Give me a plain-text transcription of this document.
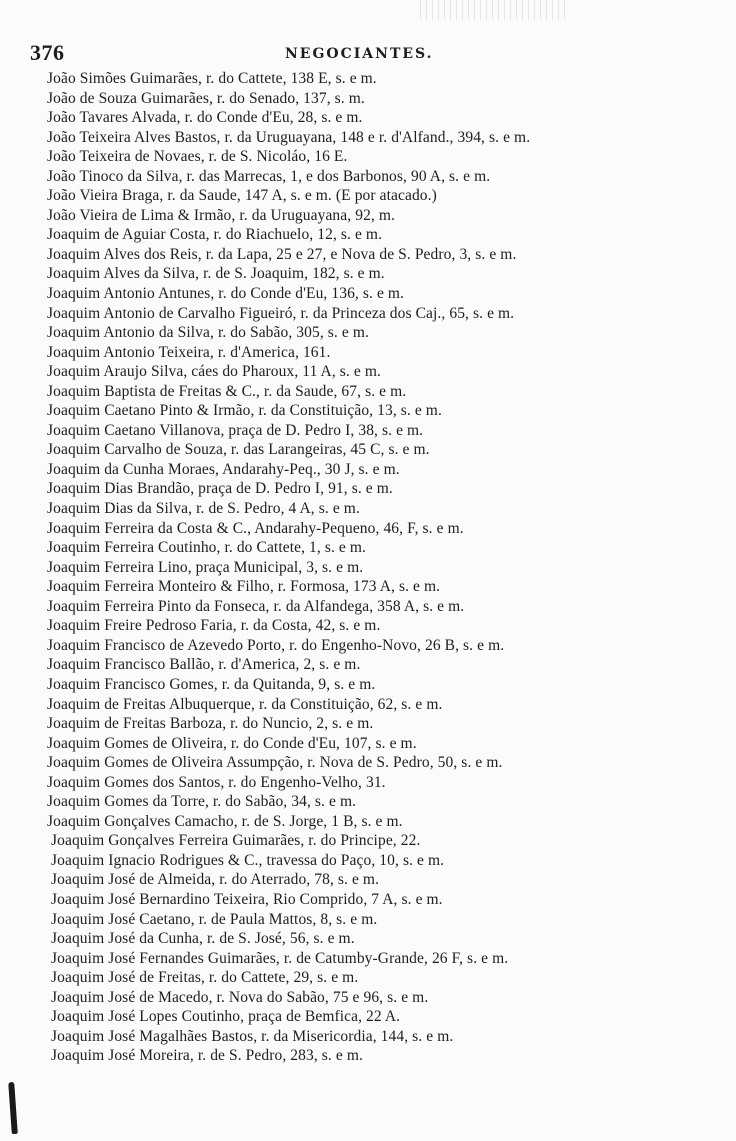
376	NEGOCIANTES.
João Simões Guimarães, r. do Cattete, 138 E, s. e m.
João de Souza Guimarães, r. do Senado, 137, s. m.
João Tavares Alvada, r. do Conde d'Eu, 28, s. e m.
João Teixeira Alves Bastos, r. da Uruguayana, 148 e r. d'Alfand., 394, s. e m.
João Teixeira de Novaes, r. de S. Nicoláo, 16 E.
João Tinoco da Silva, r. das Marrecas, 1, e dos Barbonos, 90 A, s. e m.
João Vieira Braga, r. da Saude, 147 A, s. e m. (E por atacado.)
João Vieira de Lima & Irmão, r. da Uruguayana, 92, m.
Joaquim de Aguiar Costa, r. do Riachuelo, 12, s. e m.
Joaquim Alves dos Reis, r. da Lapa, 25 e 27, e Nova de S. Pedro, 3, s. e m.
Joaquim Alves da Silva, r. de S. Joaquim, 182, s. e m.
Joaquim Antonio Antunes, r. do Conde d'Eu, 136, s. e m.
Joaquim Antonio de Carvalho Figueiró, r. da Princeza dos Caj., 65, s. e m.
Joaquim Antonio da Silva, r. do Sabão, 305, s. e m.
Joaquim Antonio Teixeira, r. d'America, 161.
Joaquim Araujo Silva, cáes do Pharoux, 11 A, s. e m.
Joaquim Baptista de Freitas & C., r. da Saude, 67, s. e m.
Joaquim Caetano Pinto & Irmão, r. da Constituição, 13, s. e m.
Joaquim Caetano Villanova, praça de D. Pedro I, 38, s. e m.
Joaquim Carvalho de Souza, r. das Larangeiras, 45 C, s. e m.
Joaquim da Cunha Moraes, Andarahy-Peq., 30 J, s. e m.
Joaquim Dias Brandão, praça de D. Pedro I, 91, s. e m.
Joaquim Dias da Silva, r. de S. Pedro, 4 A, s. e m.
Joaquim Ferreira da Costa & C., Andarahy-Pequeno, 46, F, s. e m.
Joaquim Ferreira Coutinho, r. do Cattete, 1, s. e m.
Joaquim Ferreira Lino, praça Municipal, 3, s. e m.
Joaquim Ferreira Monteiro & Filho, r. Formosa, 173 A, s. e m.
Joaquim Ferreira Pinto da Fonseca, r. da Alfandega, 358 A, s. e m.
Joaquim Freire Pedroso Faria, r. da Costa, 42, s. e m.
Joaquim Francisco de Azevedo Porto, r. do Engenho-Novo, 26 B, s. e m.
Joaquim Francisco Ballão, r. d'America, 2, s. e m.
Joaquim Francisco Gomes, r. da Quitanda, 9, s. e m.
Joaquim de Freitas Albuquerque, r. da Constituição, 62, s. e m.
Joaquim de Freitas Barboza, r. do Nuncio, 2, s. e m.
Joaquim Gomes de Oliveira, r. do Conde d'Eu, 107, s. e m.
Joaquim Gomes de Oliveira Assumpção, r. Nova de S. Pedro, 50, s. e m.
Joaquim Gomes dos Santos, r. do Engenho-Velho, 31.
Joaquim Gomes da Torre, r. do Sabão, 34, s. e m.
Joaquim Gonçalves Camacho, r. de S. Jorge, 1 B, s. e m.
Joaquim Gonçalves Ferreira Guimarães, r. do Principe, 22.
Joaquim Ignacio Rodrigues & C., travessa do Paço, 10, s. e m.
Joaquim José de Almeida, r. do Aterrado, 78, s. e m.
Joaquim José Bernardino Teixeira, Rio Comprido, 7 A, s. e m.
Joaquim José Caetano, r. de Paula Mattos, 8, s. e m.
Joaquim José da Cunha, r. de S. José, 56, s. e m.
Joaquim José Fernandes Guimarães, r. de Catumby-Grande, 26 F, s. e m.
Joaquim José de Freitas, r. do Cattete, 29, s. e m.
Joaquim José de Macedo, r. Nova do Sabão, 75 e 96, s. e m.
Joaquim José Lopes Coutinho, praça de Bemfica, 22 A.
Joaquim José Magalhães Bastos, r. da Misericordia, 144, s. e m.
Joaquim José Moreira, r. de S. Pedro, 283, s. e m.
